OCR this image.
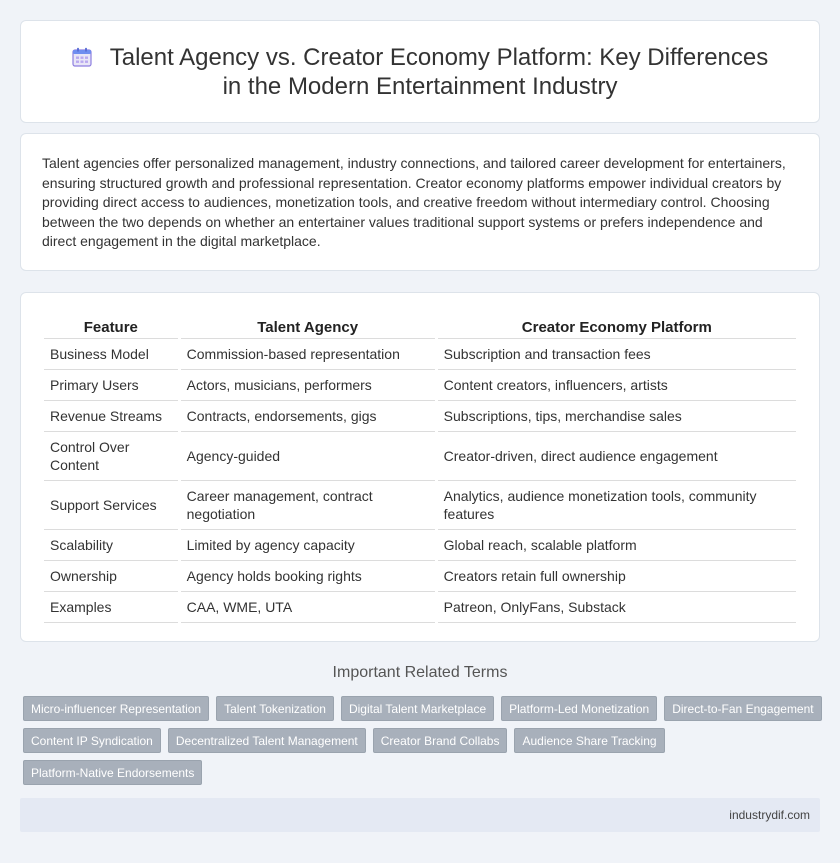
Talent Agency vs. Creator Economy Platform: Key Differences in the Modern Entertainment Industry

Talent agencies offer personalized management, industry connections, and tailored career development for entertainers, ensuring structured growth and professional representation. Creator economy platforms empower individual creators by providing direct access to audiences, monetization tools, and creative freedom without intermediary control. Choosing between the two depends on whether an entertainer values traditional support systems or prefers independence and direct engagement in the digital marketplace.

Feature	Talent Agency	Creator Economy Platform
Business Model	Commission-based representation	Subscription and transaction fees
Primary Users	Actors, musicians, performers	Content creators, influencers, artists
Revenue Streams	Contracts, endorsements, gigs	Subscriptions, tips, merchandise sales
Control Over Content	Agency-guided	Creator-driven, direct audience engagement
Support Services	Career management, contract negotiation	Analytics, audience monetization tools, community features
Scalability	Limited by agency capacity	Global reach, scalable platform
Ownership	Agency holds booking rights	Creators retain full ownership
Examples	CAA, WME, UTA	Patreon, OnlyFans, Substack
Important Related Terms
Micro-influencer Representation	Talent Tokenization	Digital Talent Marketplace	Platform-Led Monetization	Direct-to-Fan Engagement
Content IP Syndication	Decentralized Talent Management	Creator Brand Collabs	Audience Share Tracking
Platform-Native Endorsements
industrydif.com
